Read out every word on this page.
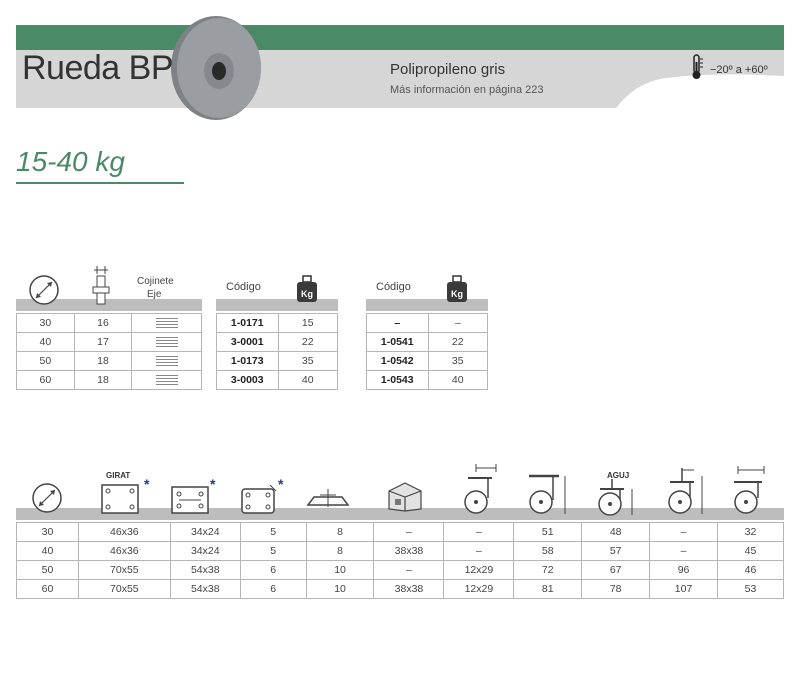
Rueda BP	Polipropileno gris
Más información en página 223
−20º a +60º
15-40 kg
Cojinete
Eje
30	16	
40	17	
50	18	
60	18	
Código
Kg
1-0171	15
3-0001	22
1-0173	35
3-0003	40
Código
Kg
–	–
1-0541	22
1-0542	35
1-0543	40
GIRAT
*	*	*
AGUJ
30	46x36	34x24	5	8	–	–	51	48	–	32
40	46x36	34x24	5	8	38x38	–	58	57	–	45
50	70x55	54x38	6	10	–	12x29	72	67	96	46
60	70x55	54x38	6	10	38x38	12x29	81	78	107	53
